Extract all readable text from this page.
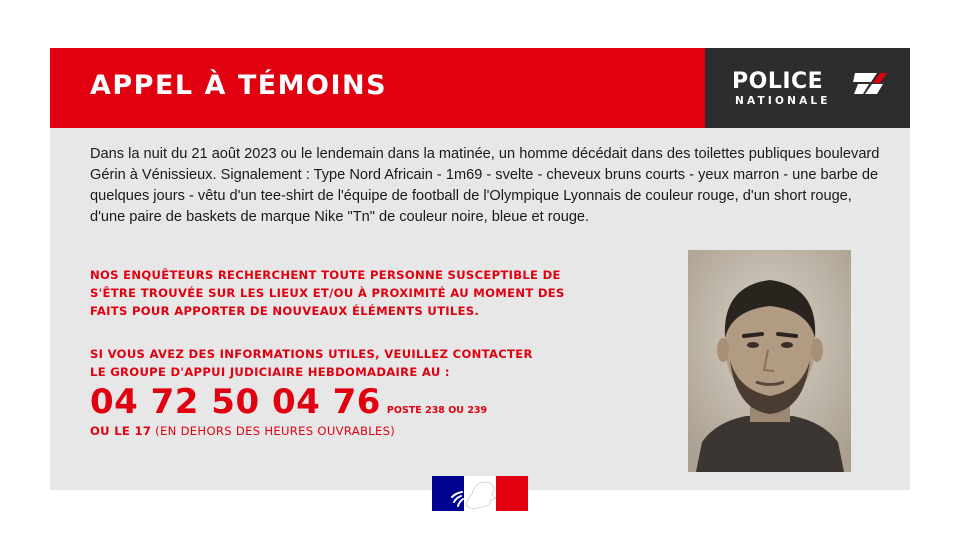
APPEL À TÉMOINS	POLICE
NATIONALE

Dans la nuit du 21 août 2023 ou le lendemain dans la matinée, un homme décédait dans des toilettes publiques boulevard Gérin à Vénissieux. Signalement : Type Nord Africain - 1m69 - svelte - cheveux bruns courts - yeux marron - une barbe de quelques jours - vêtu d'un tee-shirt de l'équipe de football de l'Olympique Lyonnais de couleur rouge, d'un short rouge, d'une paire de baskets de marque Nike "Tn" de couleur noire, bleue et rouge.

NOS ENQUÊTEURS RECHERCHENT TOUTE PERSONNE SUSCEPTIBLE DE
S'ÊTRE TROUVÉE SUR LES LIEUX ET/OU À PROXIMITÉ AU MOMENT DES
FAITS POUR APPORTER DE NOUVEAUX ÉLÉMENTS UTILES.
SI VOUS AVEZ DES INFORMATIONS UTILES, VEUILLEZ CONTACTER
LE GROUPE D'APPUI JUDICIAIRE HEBDOMADAIRE AU :
04 72 50 04 76 POSTE 238 OU 239
OU LE 17 (EN DEHORS DES HEURES OUVRABLES)
